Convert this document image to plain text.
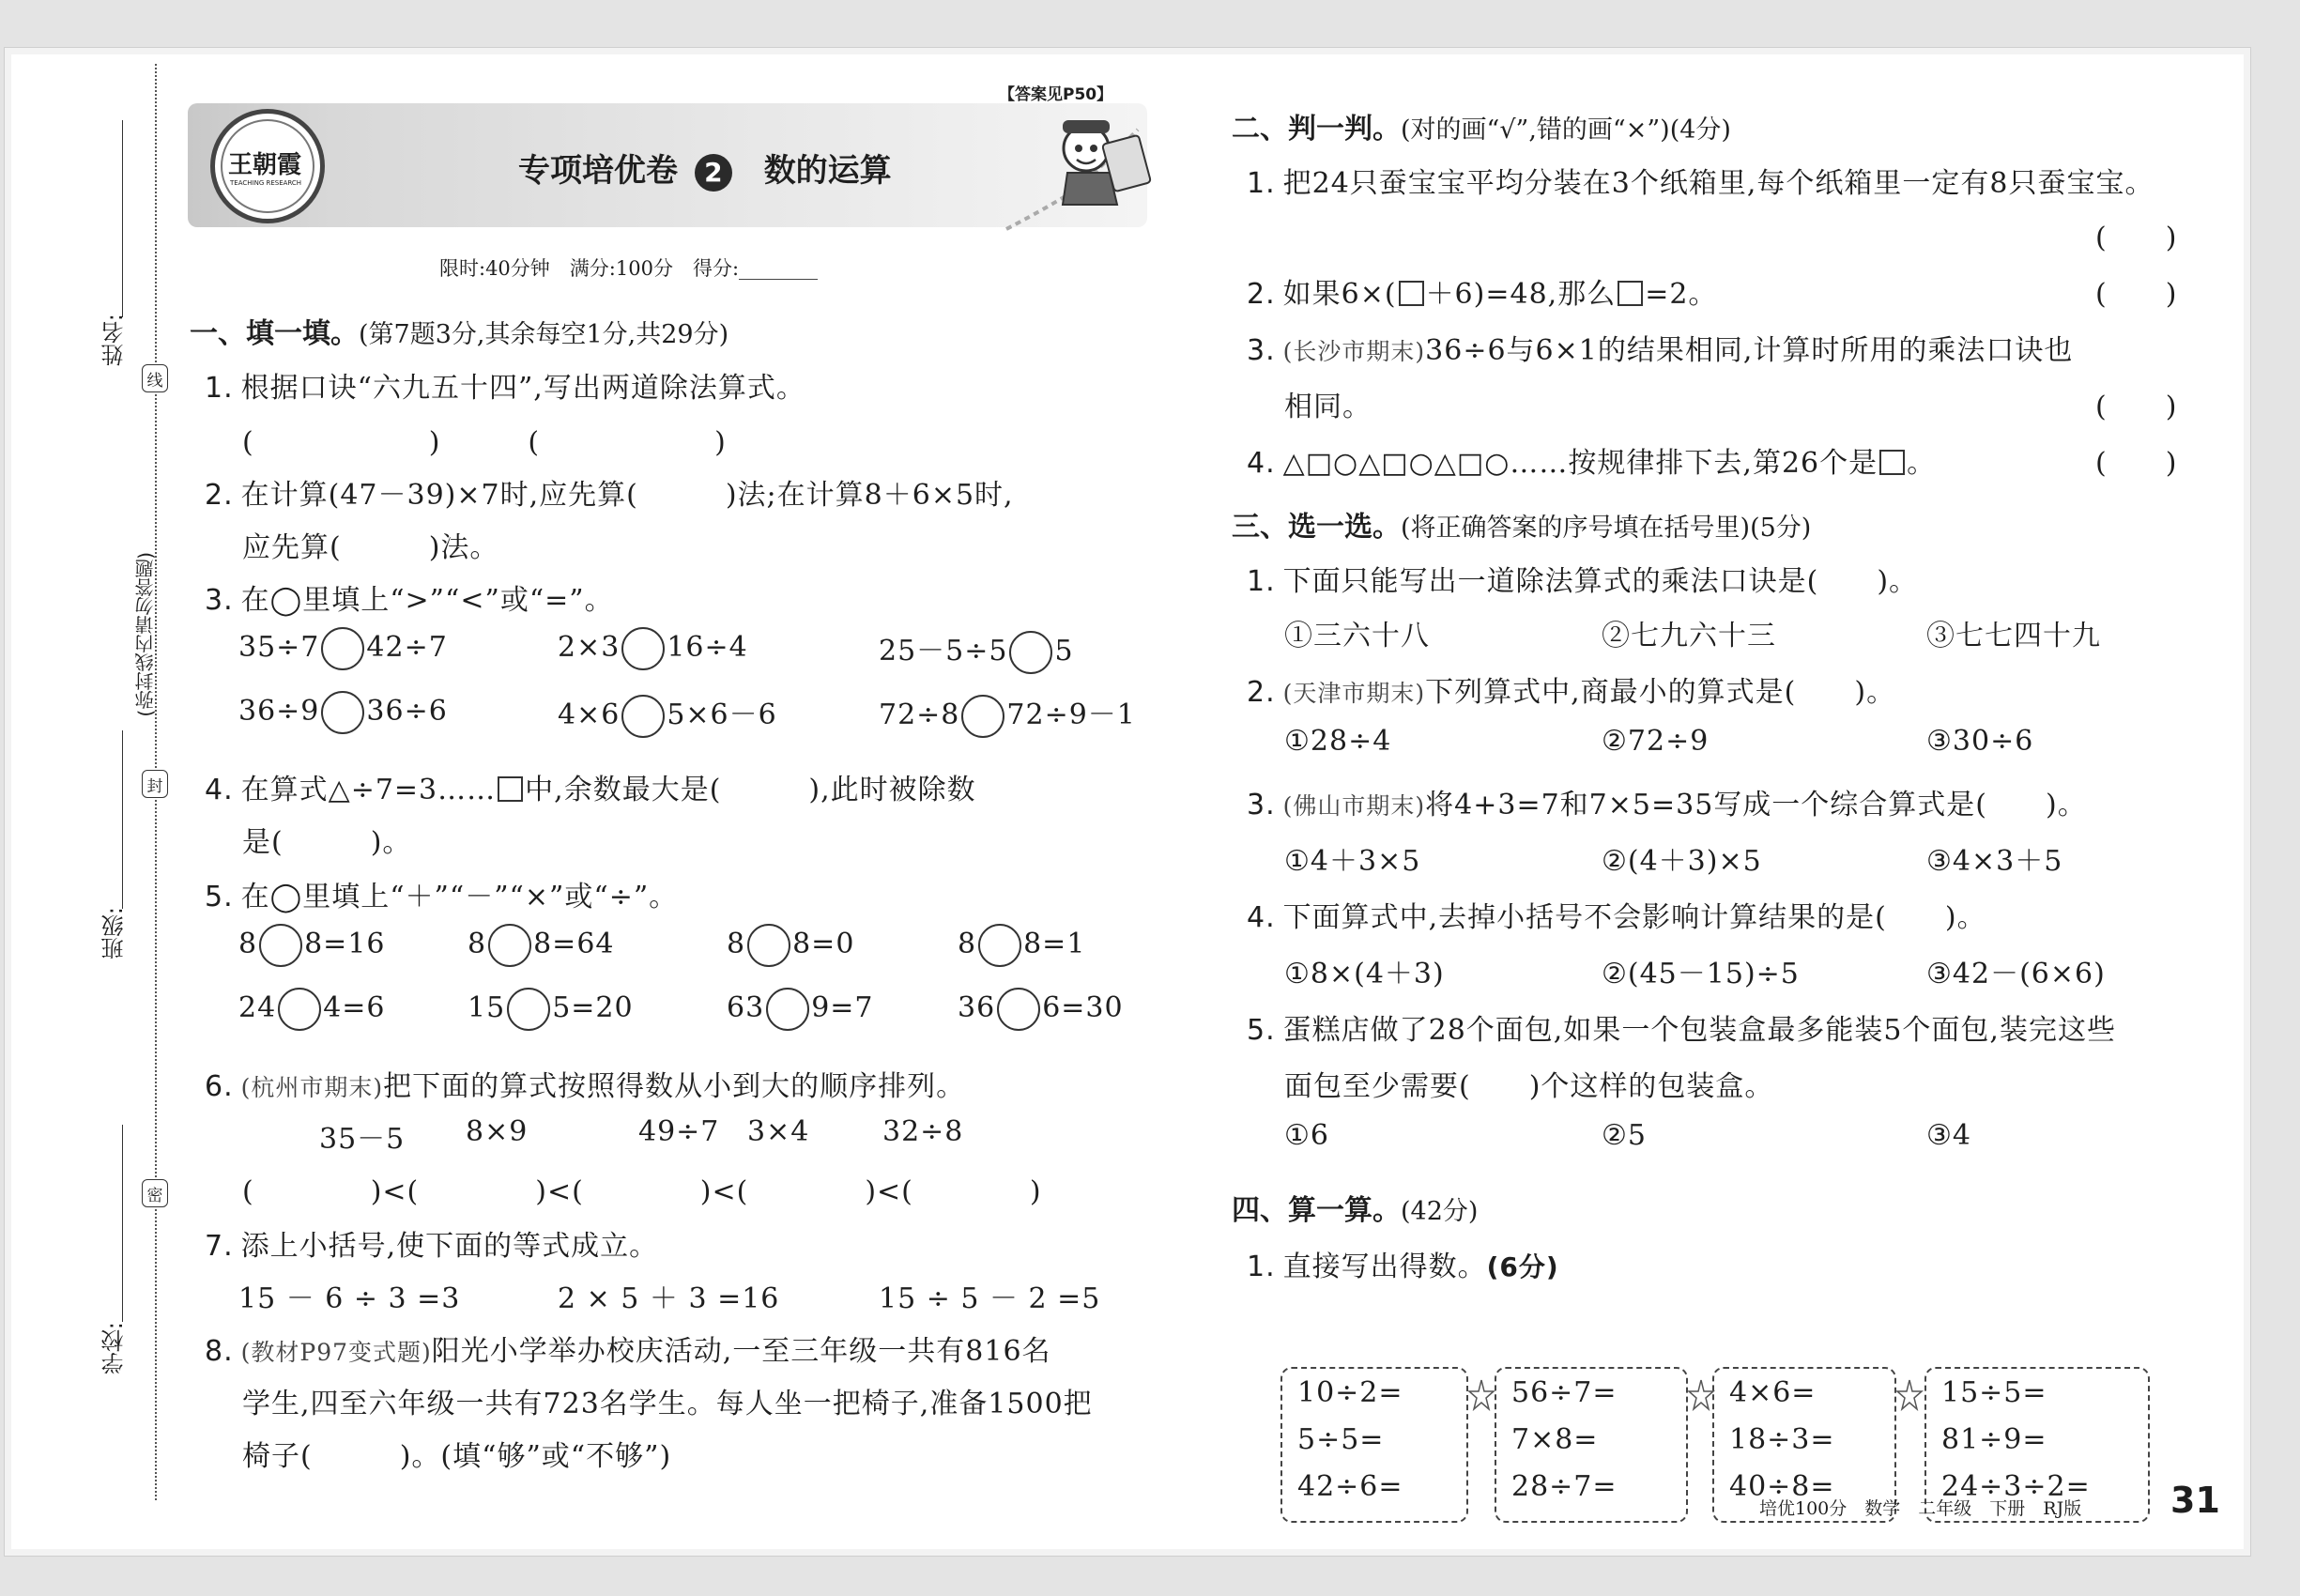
姓名:
线
(弥封线内请勿答题)
封
班级:
密
学校:
王朝霞
TEACHING RESEARCH	专项培优卷 2 数的运算
【答案见P50】
限时:40分钟　满分:100分　得分:________
一、填一填。(第7题3分,其余每空1分,共29分)
1. 根据口诀“六九五十四”,写出两道除法算式。
(　　　　　　)　　　(　　　　　　)
2. 在计算(47－39)×7时,应先算(　　　)法;在计算8＋6×5时,
应先算(　　　)法。
3. 在◯里填上“>”“<”或“=”。
35÷7 42÷7	2×3 16÷4	25－5÷5 5
36÷9 36÷6	4×6 5×6－6	72÷8 72÷9－1
4. 在算式△÷7=3…… 中,余数最大是(　　　),此时被除数
是(　　　)。
5. 在◯里填上“＋”“－”“×”或“÷”。
8 8=16	8 8=64	8 8=0	8 8=1
24 4=6	15 5=20	63 9=7	36 6=30
6. (杭州市期末)把下面的算式按照得数从小到大的顺序排列。
35－5 8×9	49÷7 3×4	32÷8
(　　　　)<(　　　　)<(　　　　)<(　　　　)<(　　　　)
7. 添上小括号,使下面的等式成立。
15 － 6 ÷ 3 =3	2 × 5 ＋ 3 =16	15 ÷ 5 － 2 =5
8. (教材P97变式题)阳光小学举办校庆活动,一至三年级一共有816名
学生,四至六年级一共有723名学生。每人坐一把椅子,准备1500把
椅子(　　　)。(填“够”或“不够”)
二、判一判。(对的画“√”,错的画“×”)(4分)
1. 把24只蚕宝宝平均分装在3个纸箱里,每个纸箱里一定有8只蚕宝宝。
(　　)
2. 如果6×( ＋6)=48,那么 =2。	(　　)
3. (长沙市期末)36÷6与6×1的结果相同,计算时所用的乘法口诀也
相同。	(　　)
4. △□○△□○△□○……按规律排下去,第26个是 。	(　　)
三、选一选。(将正确答案的序号填在括号里)(5分)
1. 下面只能写出一道除法算式的乘法口诀是(　　)。
①三六十八	②七九六十三	③七七四十九
2. (天津市期末)下列算式中,商最小的算式是(　　)。
①28÷4	②72÷9	③30÷6
3. (佛山市期末)将4+3=7和7×5=35写成一个综合算式是(　　)。
①4＋3×5	②(4＋3)×5	③4×3＋5
4. 下面算式中,去掉小括号不会影响计算结果的是(　　)。
①8×(4＋3)	②(45－15)÷5	③42－(6×6)
5. 蛋糕店做了28个面包,如果一个包装盒最多能装5个面包,装完这些
面包至少需要(　　)个这样的包装盒。
①6	②5	③4
四、算一算。(42分)
1. 直接写出得数。(6分)
10÷2=
5÷5=
42÷6=
56÷7=
7×8=
28÷7=
4×6=
18÷3=
40÷8=
15÷5=
81÷9=
24÷3÷2=
培优100分　数学　二年级　下册　RJ版 31
